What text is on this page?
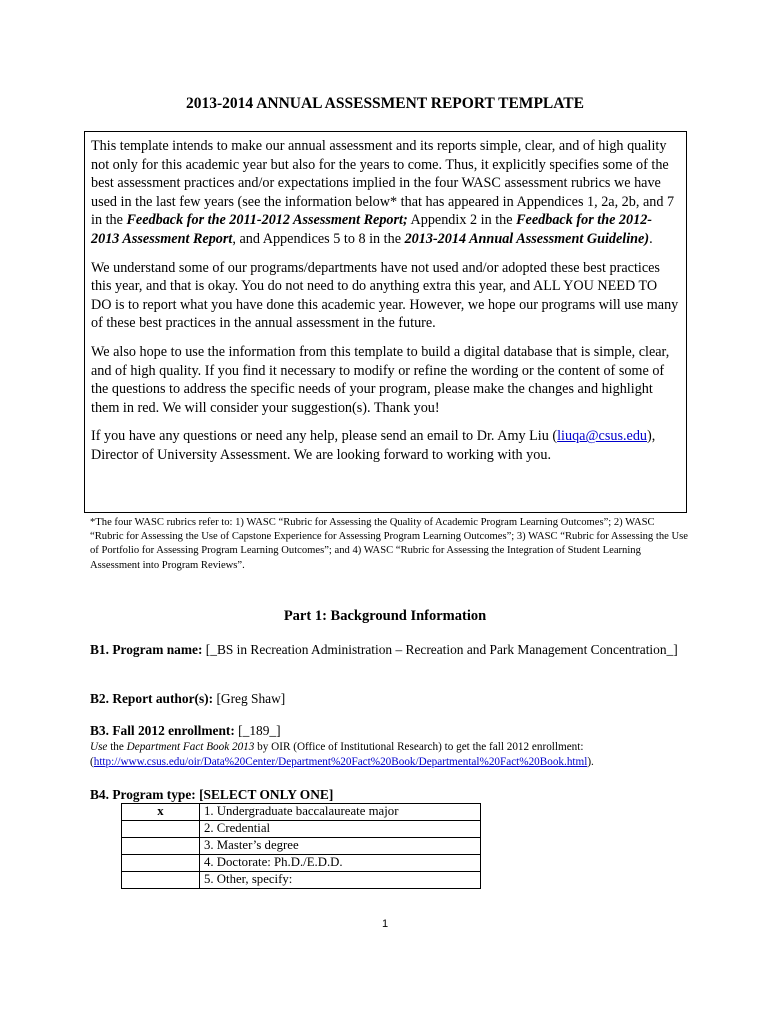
2013-2014 ANNUAL ASSESSMENT REPORT TEMPLATE

This template intends to make our annual assessment and its reports simple, clear, and of high quality not only for this academic year but also for the years to come. Thus, it explicitly specifies some of the best assessment practices and/or expectations implied in the four WASC assessment rubrics we have used in the last few years (see the information below* that has appeared in Appendices 1, 2a, 2b, and 7 in the Feedback for the 2011-2012 Assessment Report; Appendix 2 in the Feedback for the 2012-2013 Assessment Report, and Appendices 5 to 8 in the 2013-2014 Annual Assessment Guideline).

We understand some of our programs/departments have not used and/or adopted these best practices this year, and that is okay. You do not need to do anything extra this year, and ALL YOU NEED TO DO is to report what you have done this academic year. However, we hope our programs will use many of these best practices in the annual assessment in the future.

We also hope to use the information from this template to build a digital database that is simple, clear, and of high quality. If you find it necessary to modify or refine the wording or the content of some of the questions to address the specific needs of your program, please make the changes and highlight them in red. We will consider your suggestion(s). Thank you!

If you have any questions or need any help, please send an email to Dr. Amy Liu (liuqa@csus.edu), Director of University Assessment. We are looking forward to working with you.

*The four WASC rubrics refer to: 1) WASC “Rubric for Assessing the Quality of Academic Program Learning Outcomes”; 2) WASC “Rubric for Assessing the Use of Capstone Experience for Assessing Program Learning Outcomes”; 3) WASC “Rubric for Assessing the Use of Portfolio for Assessing Program Learning Outcomes”; and 4) WASC “Rubric for Assessing the Integration of Student Learning Assessment into Program Reviews”.
Part 1: Background Information
B1. Program name: [_BS in Recreation Administration – Recreation and Park Management Concentration_]
B2. Report author(s): [Greg Shaw]
B3. Fall 2012 enrollment: [_189_]
Use the Department Fact Book 2013 by OIR (Office of Institutional Research) to get the fall 2012 enrollment: (http://www.csus.edu/oir/Data%20Center/Department%20Fact%20Book/Departmental%20Fact%20Book.html).
B4. Program type: [SELECT ONLY ONE]
x	1. Undergraduate baccalaureate major
	2. Credential
	3. Master’s degree
	4. Doctorate: Ph.D./E.D.D.
	5. Other, specify:
1
